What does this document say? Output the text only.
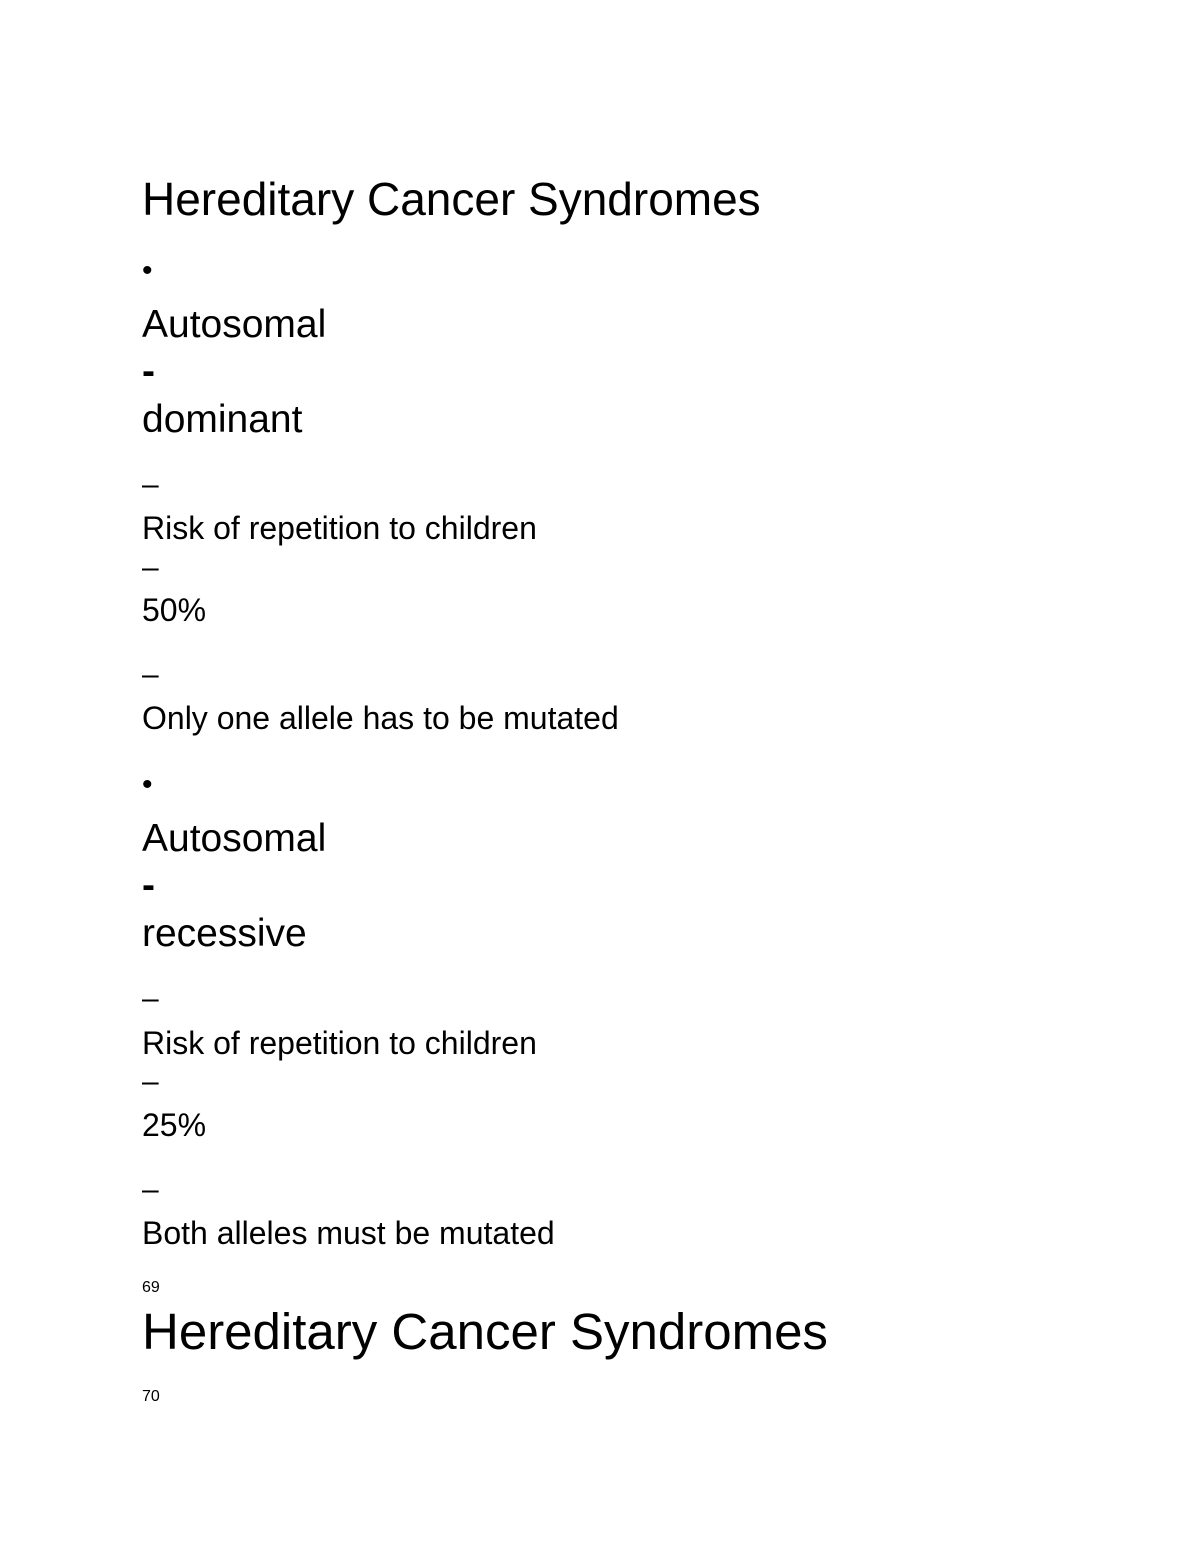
Hereditary Cancer Syndromes
•
Autosomal
-
dominant
–
Risk of repetition to children
–
50%
–
Only one allele has to be mutated
•
Autosomal
-
recessive
–
Risk of repetition to children
–
25%
–
Both alleles must be mutated
69
Hereditary Cancer Syndromes
70
